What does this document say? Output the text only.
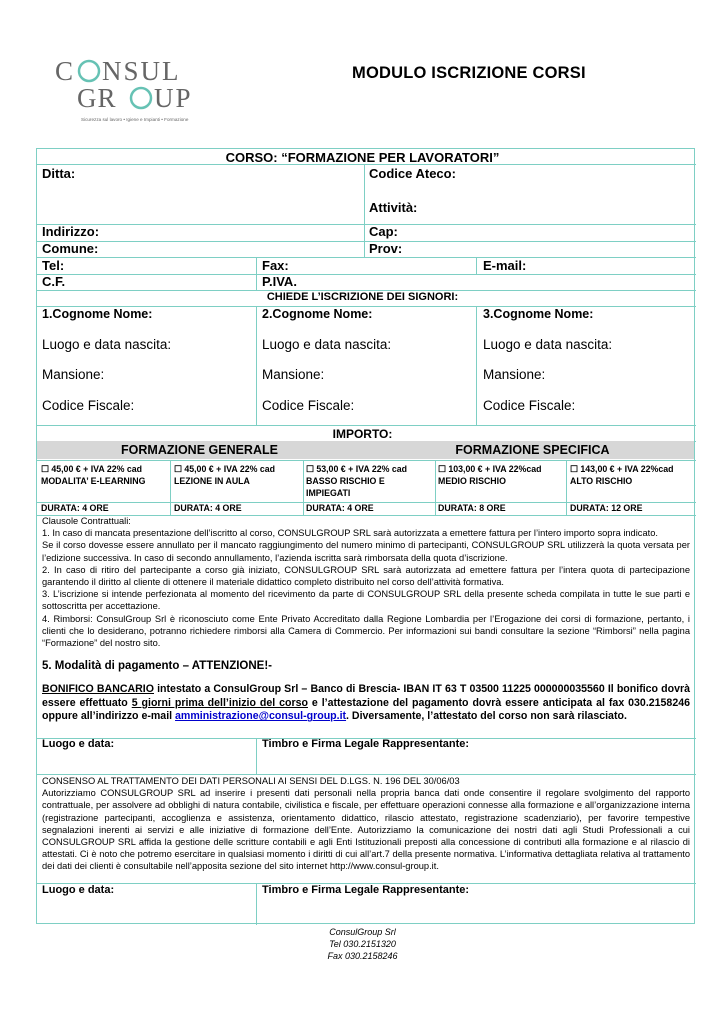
C NSUL
GR UP
Sicurezza sul lavoro • Igiene e Impianti • Formazione
MODULO ISCRIZIONE CORSI
CORSO: “FORMAZIONE PER LAVORATORI”
Ditta:	Codice Ateco:
Attività:
Indirizzo:	Cap:
Comune:	Prov:
Tel:	Fax:	E-mail:
C.F.	P.IVA.
CHIEDE L’ISCRIZIONE DEI SIGNORI:
1.Cognome Nome:	2.Cognome Nome:	3.Cognome Nome:
Luogo e data nascita:	Luogo e data nascita:	Luogo e data nascita:
Mansione:	Mansione:	Mansione:
Codice Fiscale:	Codice Fiscale:	Codice Fiscale:
IMPORTO:
FORMAZIONE GENERALE	FORMAZIONE SPECIFICA
☐ 45,00 € + IVA 22% cad
MODALITA’ E-LEARNING
☐ 45,00 € + IVA 22% cad
LEZIONE IN AULA
☐ 53,00 € + IVA 22% cad
BASSO RISCHIO E
IMPIEGATI
☐ 103,00 € + IVA 22%cad
MEDIO RISCHIO
☐ 143,00 € + IVA 22%cad
ALTO RISCHIO
DURATA: 4 ORE	DURATA: 4 ORE	DURATA: 4 ORE	DURATA: 8 ORE	DURATA: 12 ORE
Clausole Contrattuali:
1. In caso di mancata presentazione dell’iscritto al corso, CONSULGROUP SRL sarà autorizzata a emettere fattura per l’intero importo sopra indicato.
Se il corso dovesse essere annullato per il mancato raggiungimento del numero minimo di partecipanti, CONSULGROUP SRL utilizzerà la quota versata per l’edizione successiva. In caso di secondo annullamento, l’azienda iscritta sarà rimborsata della quota d’iscrizione.
2. In caso di ritiro del partecipante a corso già iniziato, CONSULGROUP SRL sarà autorizzata ad emettere fattura per l’intera quota di partecipazione garantendo il diritto al cliente di ottenere il materiale didattico completo distribuito nel corso dell’attività formativa.
3. L’iscrizione si intende perfezionata al momento del ricevimento da parte di CONSULGROUP SRL della presente scheda compilata in tutte le sue parti e sottoscritta per accettazione.
4. Rimborsi: ConsulGroup Srl è riconosciuto come Ente Privato Accreditato dalla Regione Lombardia per l’Erogazione dei corsi di formazione, pertanto, i clienti che lo desiderano, potranno richiedere rimborsi alla Camera di Commercio. Per informazioni sui bandi consultare la sezione “Rimborsi” nella pagina “Formazione” del nostro sito.
5. Modalità di pagamento – ATTENZIONE!-
BONIFICO BANCARIO intestato a ConsulGroup Srl – Banco di Brescia- IBAN IT 63 T 03500 11225 000000035560 Il bonifico dovrà essere effettuato 5 giorni prima dell’inizio del corso e l’attestazione del pagamento dovrà essere anticipata al fax 030.2158246 oppure all’indirizzo e-mail amministrazione@consul-group.it. Diversamente, l’attestato del corso non sarà rilasciato.
Luogo e data:	Timbro e Firma Legale Rappresentante:
CONSENSO AL TRATTAMENTO DEI DATI PERSONALI AI SENSI DEL D.LGS. N. 196 DEL 30/06/03
Autorizziamo CONSULGROUP SRL ad inserire i presenti dati personali nella propria banca dati onde consentire il regolare svolgimento del rapporto contrattuale, per assolvere ad obblighi di natura contabile, civilistica e fiscale, per effettuare operazioni connesse alla formazione e all’organizzazione interna (registrazione partecipanti, accoglienza e assistenza, orientamento didattico, rilascio attestato, registrazione scadenziario), per favorire tempestive segnalazioni inerenti ai servizi e alle iniziative di formazione dell’Ente. Autorizziamo la comunicazione dei nostri dati agli Studi Professionali a cui CONSULGROUP SRL affida la gestione delle scritture contabili e agli Enti Istituzionali preposti alla concessione di contributi alla formazione e al rilascio di attestati. Ci è noto che potremo esercitare in qualsiasi momento i diritti di cui all’art.7 della presente normativa. L’informativa dettagliata relativa al trattamento dei dati dei clienti è consultabile nell’apposita sezione del sito internet http://www.consul-group.it.
Luogo e data:	Timbro e Firma Legale Rappresentante:
ConsulGroup Srl
Tel 030.2151320
Fax 030.2158246
